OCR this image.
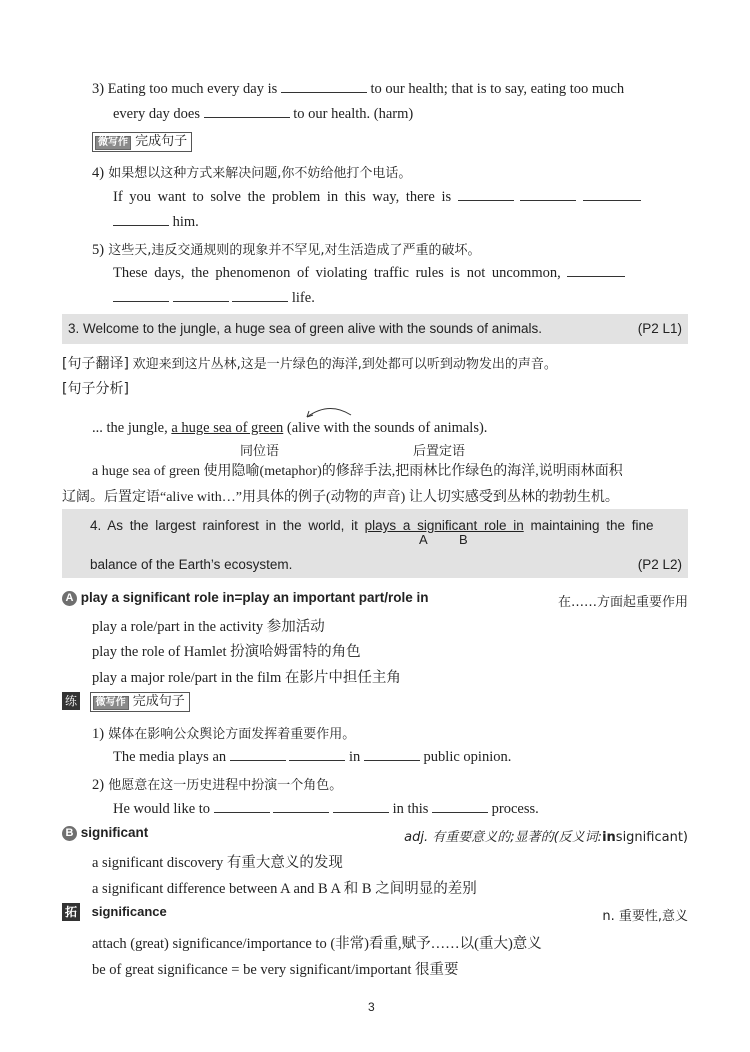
3) Eating too much every day is	to our health; that is to say, eating too much
every day does	to our health. (harm)
微写作 完成句子
4) 如果想以这种方式来解决问题,你不妨给他打个电话。
If you want to solve the problem in this way, there is
him.
5) 这些天,违反交通规则的现象并不罕见,对生活造成了严重的破坏。
These days, the phenomenon of violating traffic rules is not uncommon,
life.
3. Welcome to the jungle, a huge sea of green alive with the sounds of animals.	(P2 L1)
[句子翻译] 欢迎来到这片丛林,这是一片绿色的海洋,到处都可以听到动物发出的声音。
[句子分析]
... the jungle, a huge sea of green (alive with the sounds of animals).
同位语	后置定语
a huge sea of green 使用隐喻(metaphor)的修辞手法,把雨林比作绿色的海洋,说明雨林面积
辽阔。后置定语“alive with…”用具体的例子(动物的声音) 让人切实感受到丛林的勃勃生机。
4. As the largest rainforest in the world, it plays a significant role in maintaining the fine
A B
balance of the Earth’s ecosystem.	(P2 L2)
A play a significant role in=play an important part/role in	在……方面起重要作用
play a role/part in the activity 参加活动
play the role of Hamlet 扮演哈姆雷特的角色
play a major role/part in the film 在影片中担任主角
练 微写作 完成句子
1) 媒体在影响公众舆论方面发挥着重要作用。
The media plays an	in	public opinion.
2) 他愿意在这一历史进程中扮演一个角色。
He would like to	in this	process.
B significant	adj. 有重要意义的;显著的(反义词:insignificant)
a significant discovery 有重大意义的发现
a significant difference between A and B A 和 B 之间明显的差别
拓 significance	n. 重要性,意义
attach (great) significance/importance to (非常)看重,赋予……以(重大)意义
be of great significance = be very significant/important 很重要
3
